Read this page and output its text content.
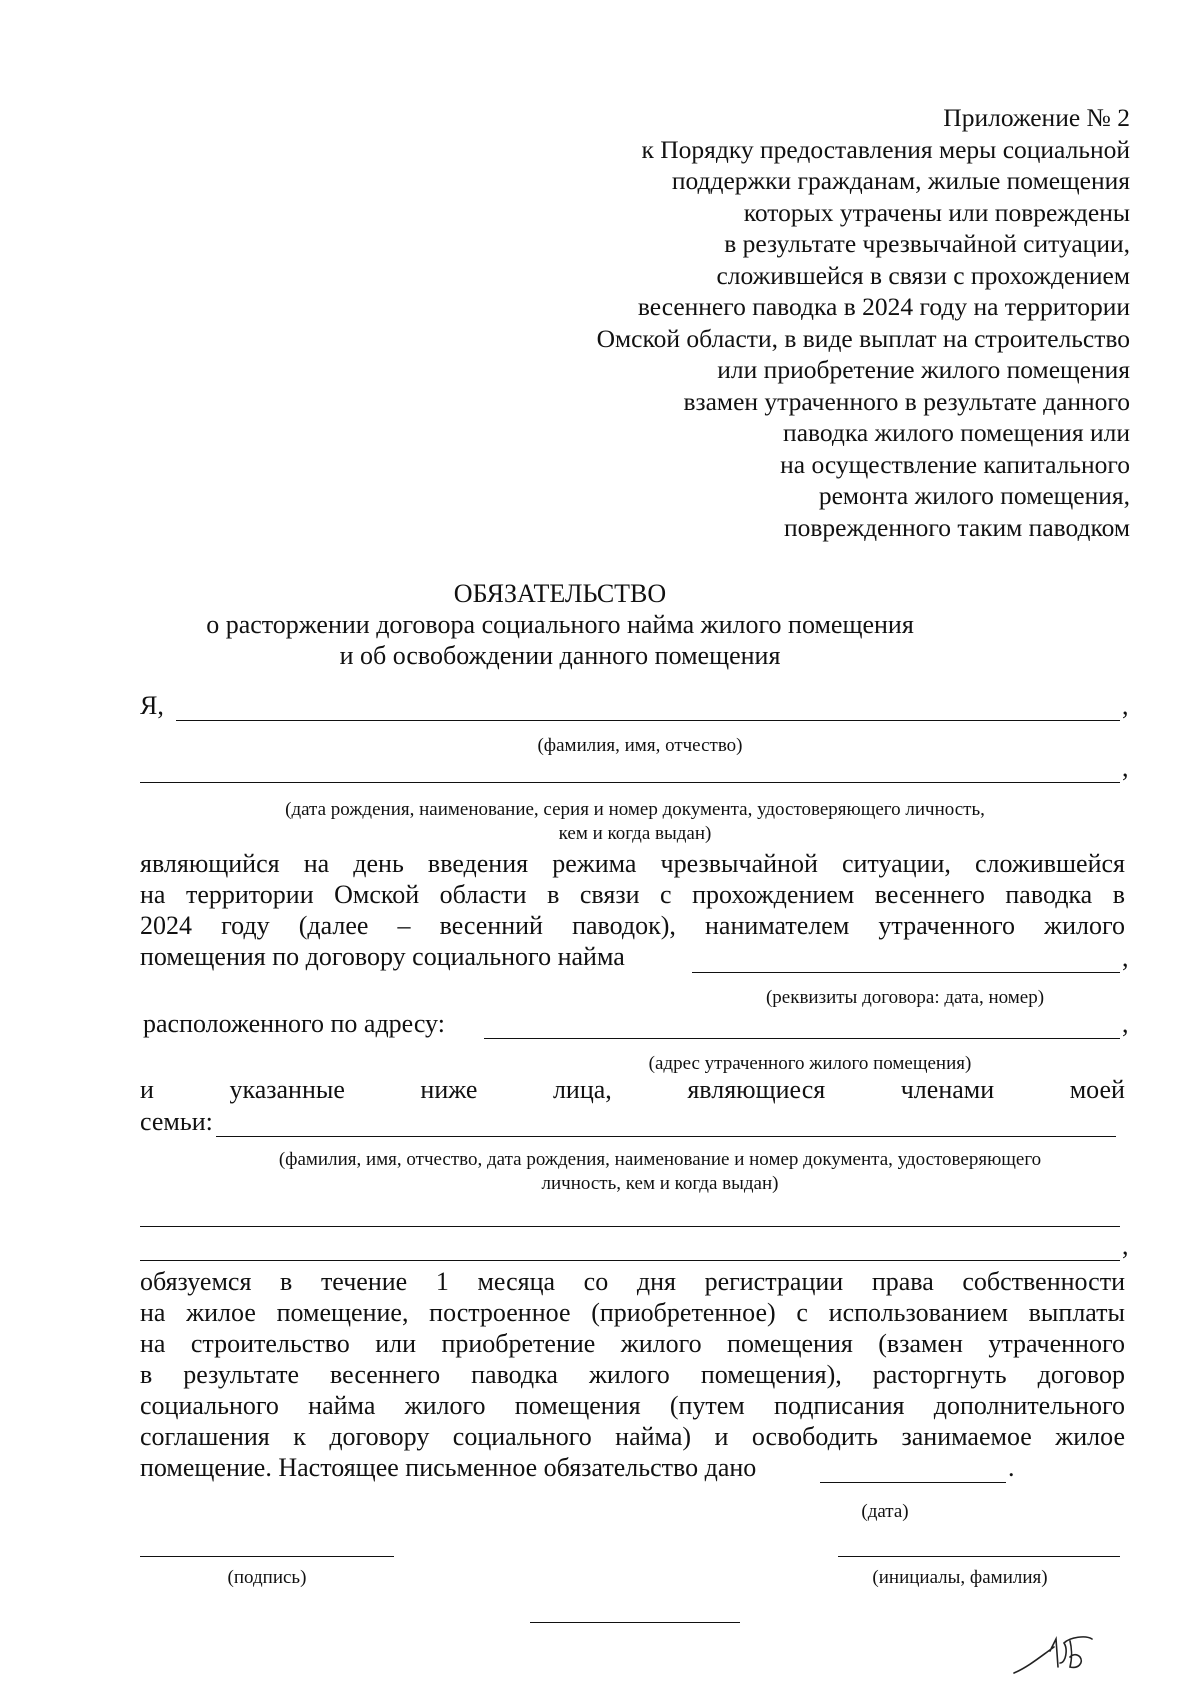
Приложение № 2
к Порядку предоставления меры социальной
поддержки гражданам, жилые помещения
которых утрачены или повреждены
в результате чрезвычайной ситуации,
сложившейся в связи с прохождением
весеннего паводка в 2024 году на территории
Омской области, в виде выплат на строительство
или приобретение жилого помещения
взамен утраченного в результате данного
паводка жилого помещения или
на осуществление капитального
ремонта жилого помещения,
поврежденного таким паводком
ОБЯЗАТЕЛЬСТВО
о расторжении договора социального найма жилого помещения
и об освобождении данного помещения
Я,	,
(фамилия, имя, отчество)
,
(дата рождения, наименование, серия и номер документа, удостоверяющего личность,
кем и когда выдан)
являющийся на день введения режима чрезвычайной ситуации, сложившейся
на территории Омской области в связи с прохождением весеннего паводка в
2024 году (далее – весенний паводок), нанимателем утраченного жилого
помещения по договору социального найма	,
(реквизиты договора: дата, номер)
расположенного по адресу:	,
(адрес утраченного жилого помещения)
и	указанные	ниже	лица,	являющиеся	членами	моей
семьи:
(фамилия, имя, отчество, дата рождения, наименование и номер документа, удостоверяющего
личность, кем и когда выдан)
,
обязуемся в течение 1 месяца со дня регистрации права собственности
на жилое помещение, построенное (приобретенное) с использованием выплаты
на строительство или приобретение жилого помещения (взамен утраченного
в результате весеннего паводка жилого помещения), расторгнуть договор
социального найма жилого помещения (путем подписания дополнительного
соглашения к договору социального найма) и освободить занимаемое жилое
помещение. Настоящее письменное обязательство дано	.
(дата)
(подпись)	(инициалы, фамилия)
